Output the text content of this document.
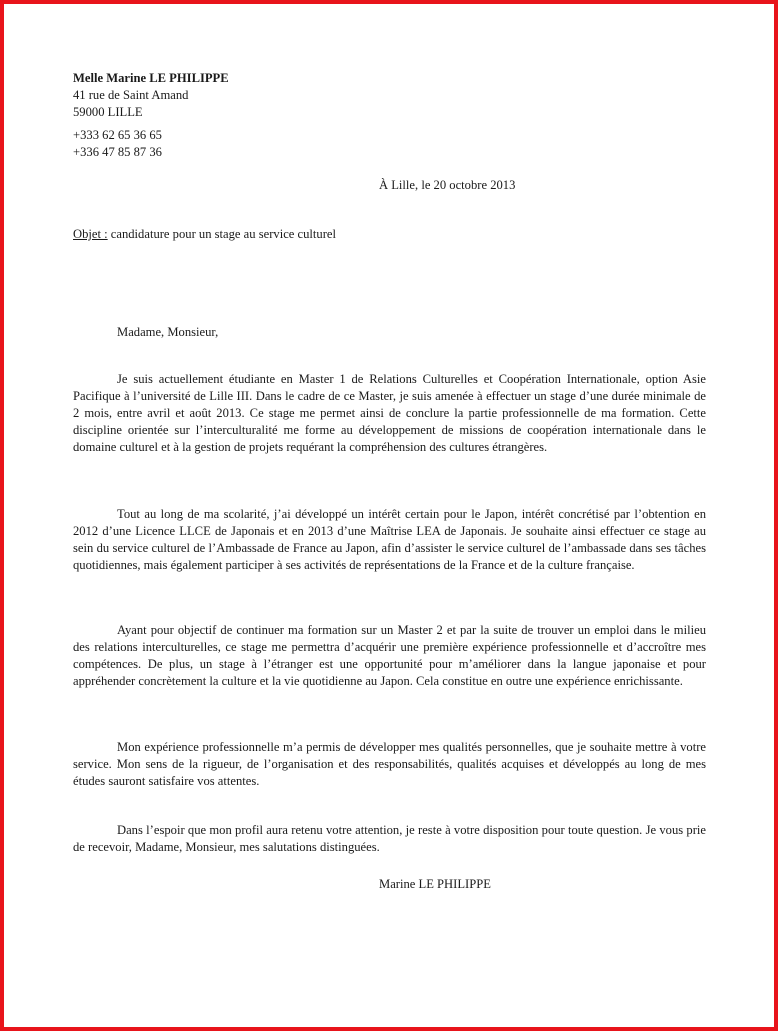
Melle Marine LE PHILIPPE
41 rue de Saint Amand
59000 LILLE
+333 62 65 36 65
+336 47 85 87 36
À Lille, le 20 octobre 2013
Objet : candidature pour un stage au service culturel
Madame, Monsieur,

Je suis actuellement étudiante en Master 1 de Relations Culturelles et Coopération Internationale, option Asie Pacifique à l’université de Lille III. Dans le cadre de ce Master, je suis amenée à effectuer un stage d’une durée minimale de 2 mois, entre avril et août 2013. Ce stage me permet ainsi de conclure la partie professionnelle de ma formation. Cette discipline orientée sur l’interculturalité me forme au développement de missions de coopération internationale dans le domaine culturel et à la gestion de projets requérant la compréhension des cultures étrangères.

Tout au long de ma scolarité, j’ai développé un intérêt certain pour le Japon, intérêt concrétisé par l’obtention en 2012 d’une Licence LLCE de Japonais et en 2013 d’une Maîtrise LEA de Japonais. Je souhaite ainsi effectuer ce stage au sein du service culturel de l’Ambassade de France au Japon, afin d’assister le service culturel de l’ambassade dans ses tâches quotidiennes, mais également participer à ses activités de représentations de la France et de la culture française.

Ayant pour objectif de continuer ma formation sur un Master 2 et par la suite de trouver un emploi dans le milieu des relations interculturelles, ce stage me permettra d’acquérir une première expérience professionnelle et d’accroître mes compétences. De plus, un stage à l’étranger est une opportunité pour m’améliorer dans la langue japonaise et pour appréhender concrètement la culture et la vie quotidienne au Japon. Cela constitue en outre une expérience enrichissante.

Mon expérience professionnelle m’a permis de développer mes qualités personnelles, que je souhaite mettre à votre service. Mon sens de la rigueur, de l’organisation et des responsabilités, qualités acquises et développés au long de mes études sauront satisfaire vos attentes.

Dans l’espoir que mon profil aura retenu votre attention, je reste à votre disposition pour toute question. Je vous prie de recevoir, Madame, Monsieur, mes salutations distinguées.

Marine LE PHILIPPE
